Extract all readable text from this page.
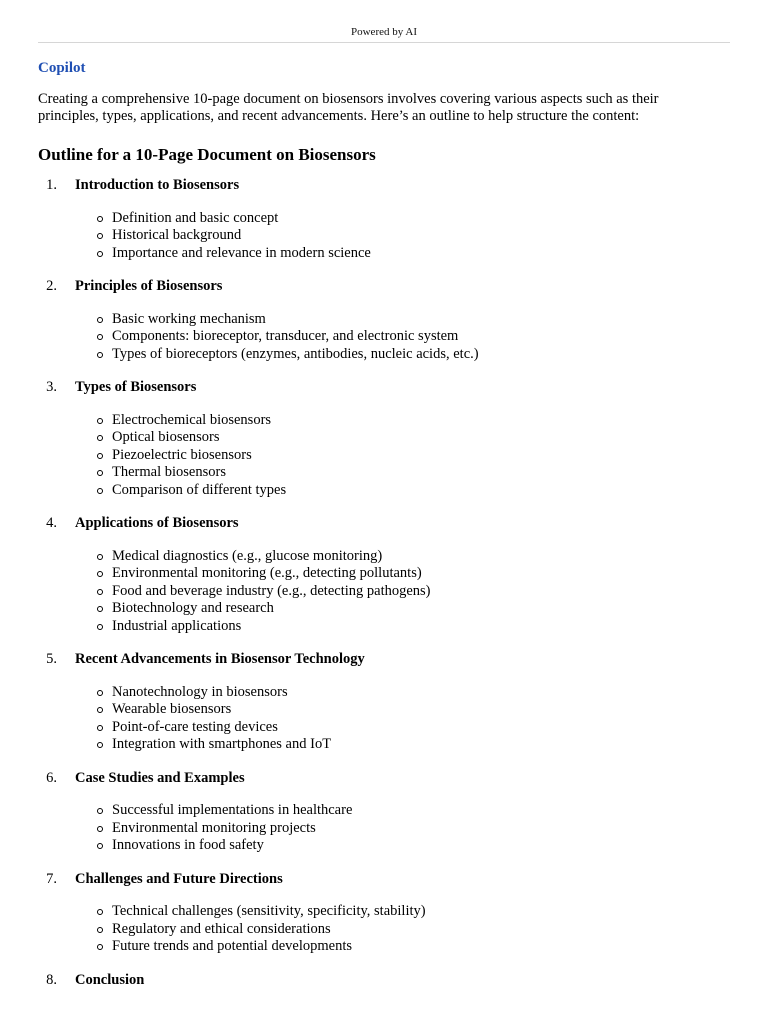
Powered by AI
Copilot
Creating a comprehensive 10-page document on biosensors involves covering various aspects such as their principles, types, applications, and recent advancements. Here’s an outline to help structure the content:
Outline for a 10-Page Document on Biosensors
1. Introduction to Biosensors
Definition and basic concept
Historical background
Importance and relevance in modern science
2. Principles of Biosensors
Basic working mechanism
Components: bioreceptor, transducer, and electronic system
Types of bioreceptors (enzymes, antibodies, nucleic acids, etc.)
3. Types of Biosensors
Electrochemical biosensors
Optical biosensors
Piezoelectric biosensors
Thermal biosensors
Comparison of different types
4. Applications of Biosensors
Medical diagnostics (e.g., glucose monitoring)
Environmental monitoring (e.g., detecting pollutants)
Food and beverage industry (e.g., detecting pathogens)
Biotechnology and research
Industrial applications
5. Recent Advancements in Biosensor Technology
Nanotechnology in biosensors
Wearable biosensors
Point-of-care testing devices
Integration with smartphones and IoT
6. Case Studies and Examples
Successful implementations in healthcare
Environmental monitoring projects
Innovations in food safety
7. Challenges and Future Directions
Technical challenges (sensitivity, specificity, stability)
Regulatory and ethical considerations
Future trends and potential developments
8. Conclusion
